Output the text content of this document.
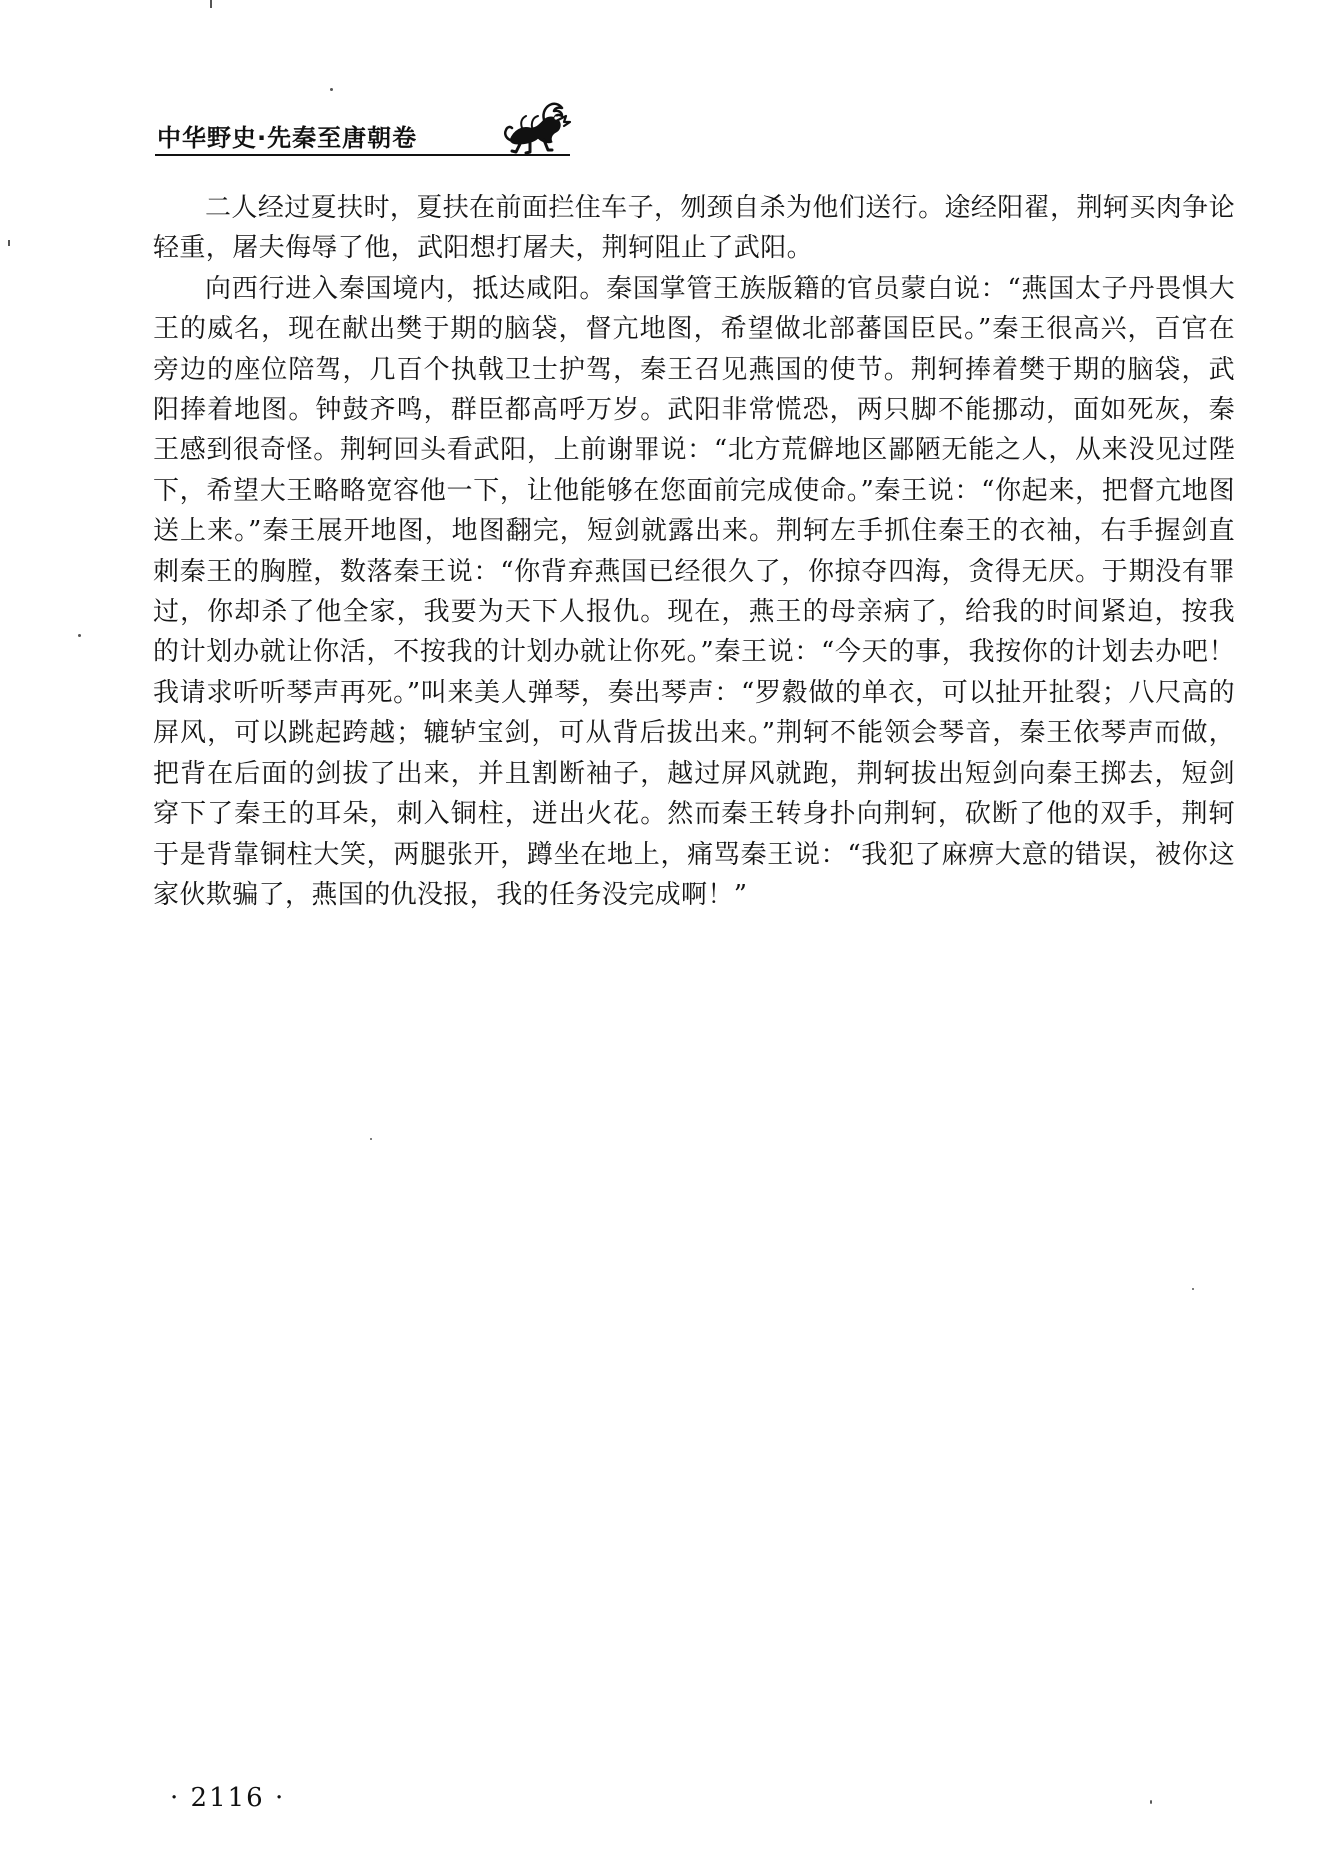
中华野史·先秦至唐朝卷

二人经过夏扶时，夏扶在前面拦住车子，刎颈自杀为他们送行。途经阳翟，荆轲买肉争论轻重，屠夫侮辱了他，武阳想打屠夫，荆轲阻止了武阳。

向西行进入秦国境内，抵达咸阳。秦国掌管王族版籍的官员蒙白说：“燕国太子丹畏惧大王的威名，现在献出樊于期的脑袋，督亢地图，希望做北部蕃国臣民。”秦王很高兴，百官在旁边的座位陪驾，几百个执戟卫士护驾，秦王召见燕国的使节。荆轲捧着樊于期的脑袋，武阳捧着地图。钟鼓齐鸣，群臣都高呼万岁。武阳非常慌恐，两只脚不能挪动，面如死灰，秦王感到很奇怪。荆轲回头看武阳，上前谢罪说：“北方荒僻地区鄙陋无能之人，从来没见过陛下，希望大王略略宽容他一下，让他能够在您面前完成使命。”秦王说：“你起来，把督亢地图送上来。”秦王展开地图，地图翻完，短剑就露出来。荆轲左手抓住秦王的衣袖，右手握剑直刺秦王的胸膛，数落秦王说：“你背弃燕国已经很久了，你掠夺四海，贪得无厌。于期没有罪过，你却杀了他全家，我要为天下人报仇。现在，燕王的母亲病了，给我的时间紧迫，按我的计划办就让你活，不按我的计划办就让你死。”秦王说：“今天的事，我按你的计划去办吧！我请求听听琴声再死。”叫来美人弹琴，奏出琴声：“罗縠做的单衣，可以扯开扯裂；八尺高的屏风，可以跳起跨越；辘轳宝剑，可从背后拔出来。”荆轲不能领会琴音，秦王依琴声而做，把背在后面的剑拔了出来，并且割断袖子，越过屏风就跑，荆轲拔出短剑向秦王掷去，短剑穿下了秦王的耳朵，刺入铜柱，迸出火花。然而秦王转身扑向荆轲，砍断了他的双手，荆轲于是背靠铜柱大笑，两腿张开，蹲坐在地上，痛骂秦王说：“我犯了麻痹大意的错误，被你这家伙欺骗了，燕国的仇没报，我的任务没完成啊！”

· 2116 ·
